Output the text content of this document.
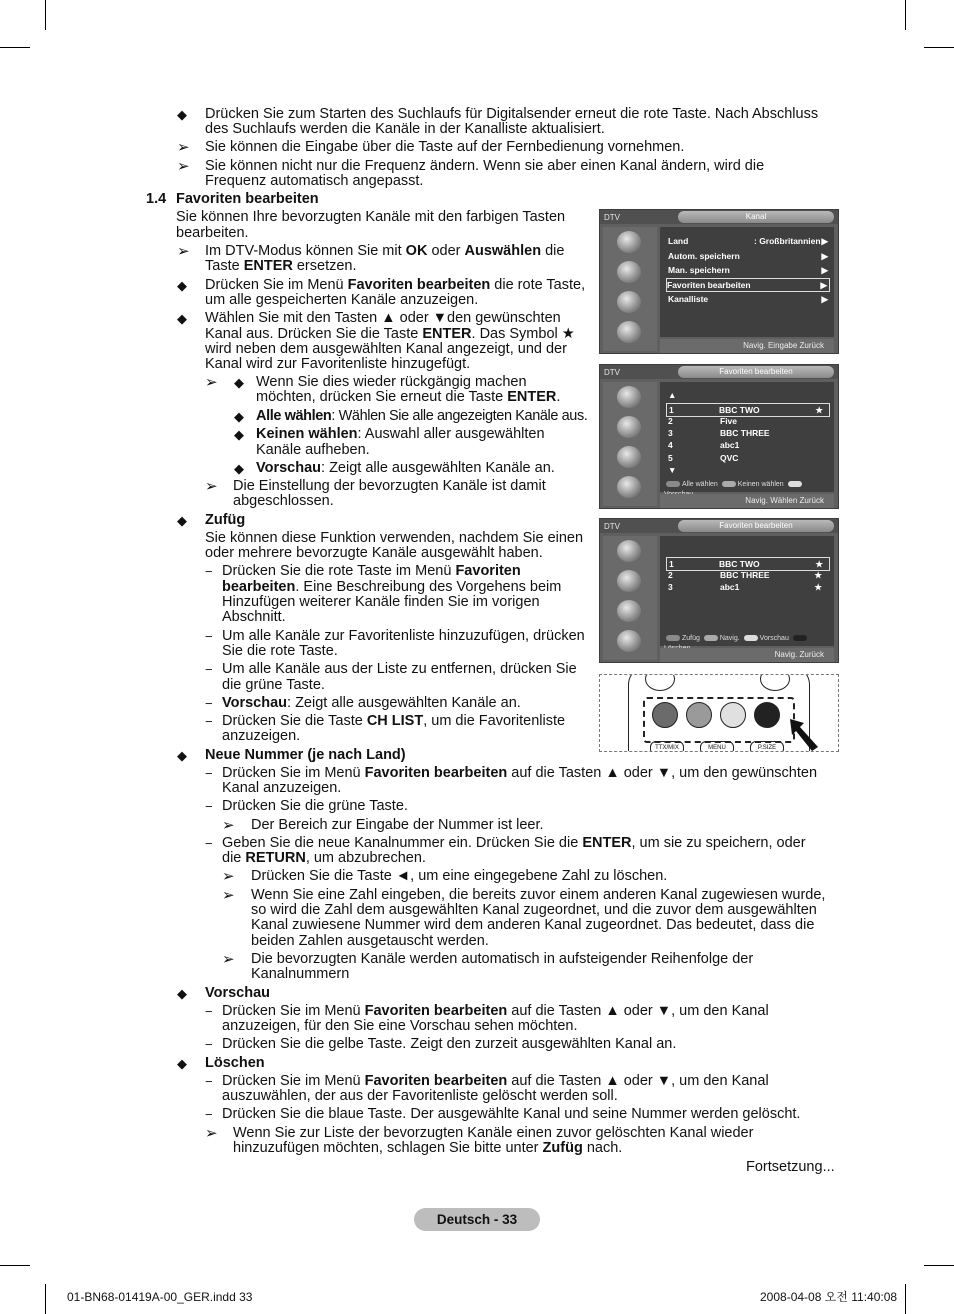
◆ Drücken Sie zum Starten des Suchlaufs für Digitalsender erneut die rote Taste. Nach Abschluss
des Suchlaufs werden die Kanäle in der Kanalliste aktualisiert.
➢ Sie können die Eingabe über die Taste auf der Fernbedienung vornehmen.
➢ Sie können nicht nur die Frequenz ändern. Wenn sie aber einen Kanal ändern, wird die
Frequenz automatisch angepasst.
1.4 Favoriten bearbeiten
Sie können Ihre bevorzugten Kanäle mit den farbigen Tasten
bearbeiten.
➢ Im DTV-Modus können Sie mit OK oder Auswählen die
Taste ENTER ersetzen.
◆ Drücken Sie im Menü Favoriten bearbeiten die rote Taste,
um alle gespeicherten Kanäle anzuzeigen.
◆ Wählen Sie mit den Tasten ▲ oder ▼den gewünschten
Kanal aus. Drücken Sie die Taste ENTER. Das Symbol ★
wird neben dem ausgewählten Kanal angezeigt, und der
Kanal wird zur Favoritenliste hinzugefügt.
➢ ◆ Wenn Sie dies wieder rückgängig machen
möchten, drücken Sie erneut die Taste ENTER.
◆ Alle wählen: Wählen Sie alle angezeigten Kanäle aus.
◆ Keinen wählen: Auswahl aller ausgewählten
Kanäle aufheben.
◆ Vorschau: Zeigt alle ausgewählten Kanäle an.
➢ Die Einstellung der bevorzugten Kanäle ist damit
abgeschlossen.
◆ Zufüg
Sie können diese Funktion verwenden, nachdem Sie einen
oder mehrere bevorzugte Kanäle ausgewählt haben.
− Drücken Sie die rote Taste im Menü Favoriten
bearbeiten. Eine Beschreibung des Vorgehens beim
Hinzufügen weiterer Kanäle finden Sie im vorigen
Abschnitt.
− Um alle Kanäle zur Favoritenliste hinzuzufügen, drücken
Sie die rote Taste.
− Um alle Kanäle aus der Liste zu entfernen, drücken Sie
die grüne Taste.
− Vorschau: Zeigt alle ausgewählten Kanäle an.
− Drücken Sie die Taste CH LIST, um die Favoritenliste
anzuzeigen.
◆ Neue Nummer (je nach Land)
− Drücken Sie im Menü Favoriten bearbeiten auf die Tasten ▲ oder ▼, um den gewünschten
Kanal anzuzeigen.
− Drücken Sie die grüne Taste.
➢ Der Bereich zur Eingabe der Nummer ist leer.
− Geben Sie die neue Kanalnummer ein. Drücken Sie die ENTER, um sie zu speichern, oder
die RETURN, um abzubrechen.
➢ Drücken Sie die Taste ◄, um eine eingegebene Zahl zu löschen.
➢ Wenn Sie eine Zahl eingeben, die bereits zuvor einem anderen Kanal zugewiesen wurde,
so wird die Zahl dem ausgewählten Kanal zugeordnet, und die zuvor dem ausgewählten
Kanal zuwiesene Nummer wird dem anderen Kanal zugeordnet. Das bedeutet, dass die
beiden Zahlen ausgetauscht werden.
➢ Die bevorzugten Kanäle werden automatisch in aufsteigender Reihenfolge der
Kanalnummern
◆ Vorschau
− Drücken Sie im Menü Favoriten bearbeiten auf die Tasten ▲ oder ▼, um den Kanal
anzuzeigen, für den Sie eine Vorschau sehen möchten.
− Drücken Sie die gelbe Taste. Zeigt den zurzeit ausgewählten Kanal an.
◆ Löschen
− Drücken Sie im Menü Favoriten bearbeiten auf die Tasten ▲ oder ▼, um den Kanal
auszuwählen, der aus der Favoritenliste gelöscht werden soll.
− Drücken Sie die blaue Taste. Der ausgewählte Kanal und seine Nummer werden gelöscht.
➢ Wenn Sie zur Liste der bevorzugten Kanäle einen zuvor gelöschten Kanal wieder
hinzuzufügen möchten, schlagen Sie bitte unter Zufüg nach.
Fortsetzung...
DTV	Kanal
Land	: Großbritannien ▶
Autom. speichern	▶
Man. speichern	▶
Favoriten bearbeiten	▶
Kanalliste	▶
Navig. Eingabe Zurück
DTV	Favoriten bearbeiten
▲
1	BBC TWO	★
2	Five
3	BBC THREE
4	abc1
5	QVC
▼
Alle wählen	Keinen wählen
Navig. Wählen Zurück
DTV	Favoriten bearbeiten
1	BBC TWO	★
2	BBC THREE	★
3	abc1	★
Zufüg	Navig.	Vorschau
Navig. Zurück
TTX/MIX	MENU	P.SIZE
Deutsch - 33
01-BN68-01419A-00_GER.indd 33	2008-04-08 오전 11:40:08
